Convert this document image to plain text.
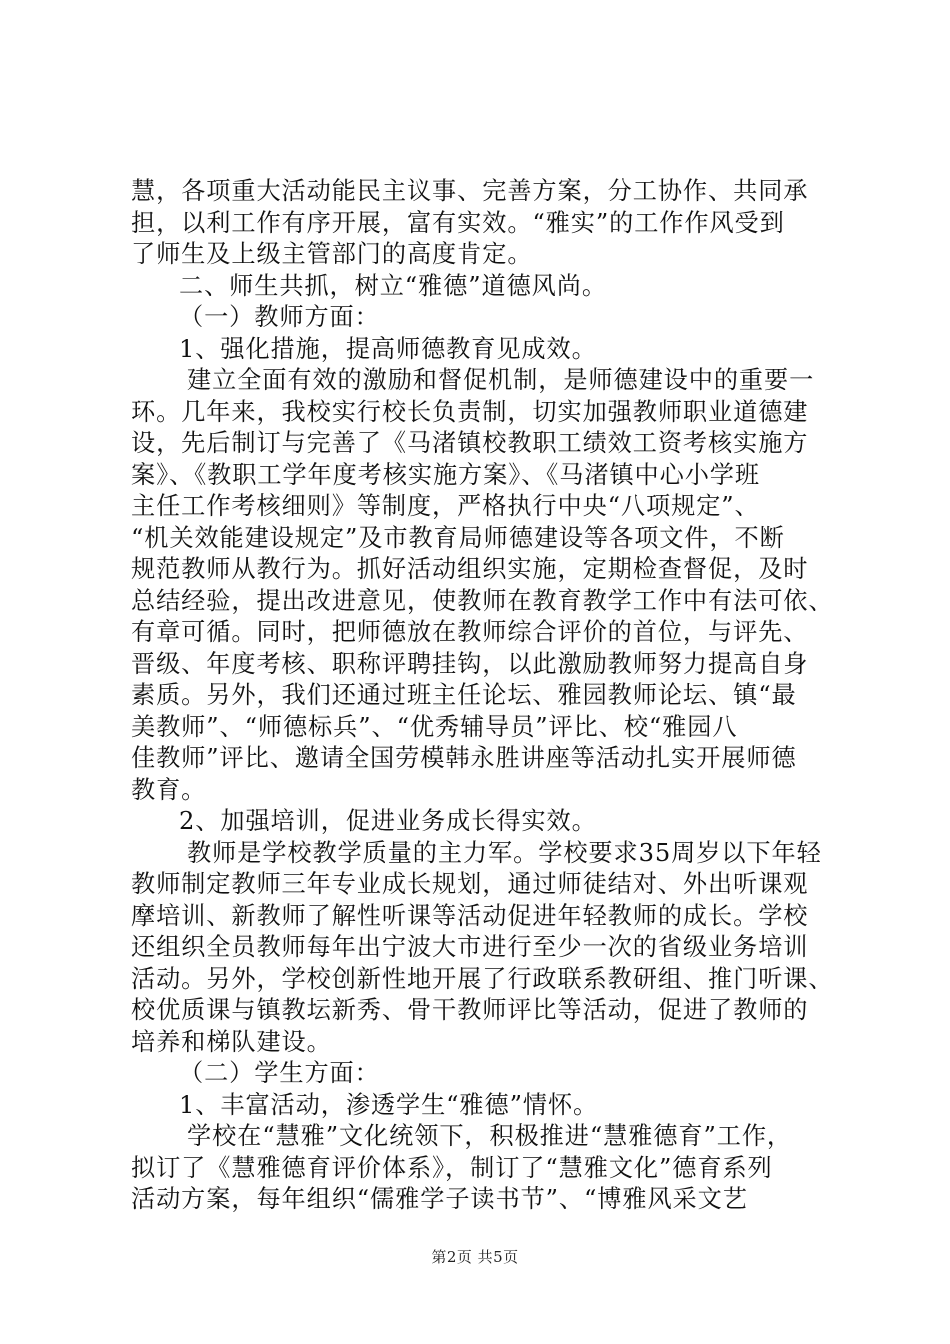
慧，各项重大活动能民主议事、完善方案，分工协作、共同承
担，以利工作有序开展，富有实效。“雅实”的工作作风受到
了师生及上级主管部门的高度肯定。
二、师生共抓，树立“雅德”道德风尚。
（一）教师方面：
1、强化措施，提高师德教育见成效。
建立全面有效的激励和督促机制，是师德建设中的重要一
环。几年来，我校实行校长负责制，切实加强教师职业道德建
设，先后制订与完善了《马渚镇校教职工绩效工资考核实施方
案》、《教职工学年度考核实施方案》、《马渚镇中心小学班
主任工作考核细则》等制度，严格执行中央“八项规定”、
“机关效能建设规定”及市教育局师德建设等各项文件，不断
规范教师从教行为。抓好活动组织实施，定期检查督促，及时
总结经验，提出改进意见，使教师在教育教学工作中有法可依、
有章可循。同时，把师德放在教师综合评价的首位，与评先、
晋级、年度考核、职称评聘挂钩，以此激励教师努力提高自身
素质。另外，我们还通过班主任论坛、雅园教师论坛、镇“最
美教师”、“师德标兵”、“优秀辅导员”评比、校“雅园八
佳教师”评比、邀请全国劳模韩永胜讲座等活动扎实开展师德
教育。
2、加强培训，促进业务成长得实效。
教师是学校教学质量的主力军。学校要求35周岁以下年轻
教师制定教师三年专业成长规划，通过师徒结对、外出听课观
摩培训、新教师了解性听课等活动促进年轻教师的成长。学校
还组织全员教师每年出宁波大市进行至少一次的省级业务培训
活动。另外，学校创新性地开展了行政联系教研组、推门听课、
校优质课与镇教坛新秀、骨干教师评比等活动，促进了教师的
培养和梯队建设。
（二）学生方面：
1、丰富活动，渗透学生“雅德”情怀。
学校在“慧雅”文化统领下，积极推进“慧雅德育”工作，
拟订了《慧雅德育评价体系》，制订了“慧雅文化”德育系列
活动方案，每年组织“儒雅学子读书节”、“博雅风采文艺
第2页 共5页
